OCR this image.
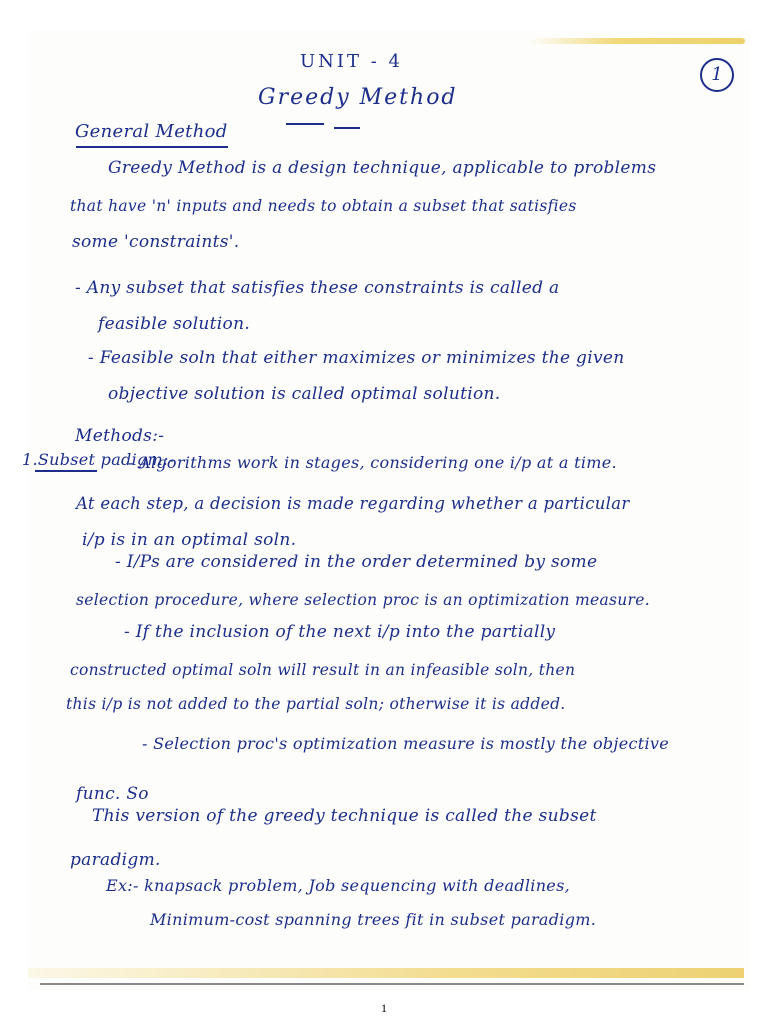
UNIT - 4

1

Greedy Method

General Method

Greedy Method is a design technique, applicable to problems

that have 'n' inputs and needs to obtain a subset that satisfies

some 'constraints'.

- Any subset that satisfies these constraints is called a

feasible solution.

- Feasible soln that either maximizes or minimizes the given

objective solution is called optimal solution.

Methods:-

1.Subset padigm:-

- Algorithms work in stages, considering one i/p at a time.

At each step, a decision is made regarding whether a particular

i/p is in an optimal soln.

- I/Ps are considered in the order determined by some

selection procedure, where selection proc is an optimization measure.

- If the inclusion of the next i/p into the partially

constructed optimal soln will result in an infeasible soln, then

this i/p is not added to the partial soln; otherwise it is added.

- Selection proc's optimization measure is mostly the objective

func. So

This version of the greedy technique is called the subset

paradigm.

Ex:- knapsack problem, Job sequencing with deadlines,

Minimum-cost spanning trees fit in subset paradigm.

1
